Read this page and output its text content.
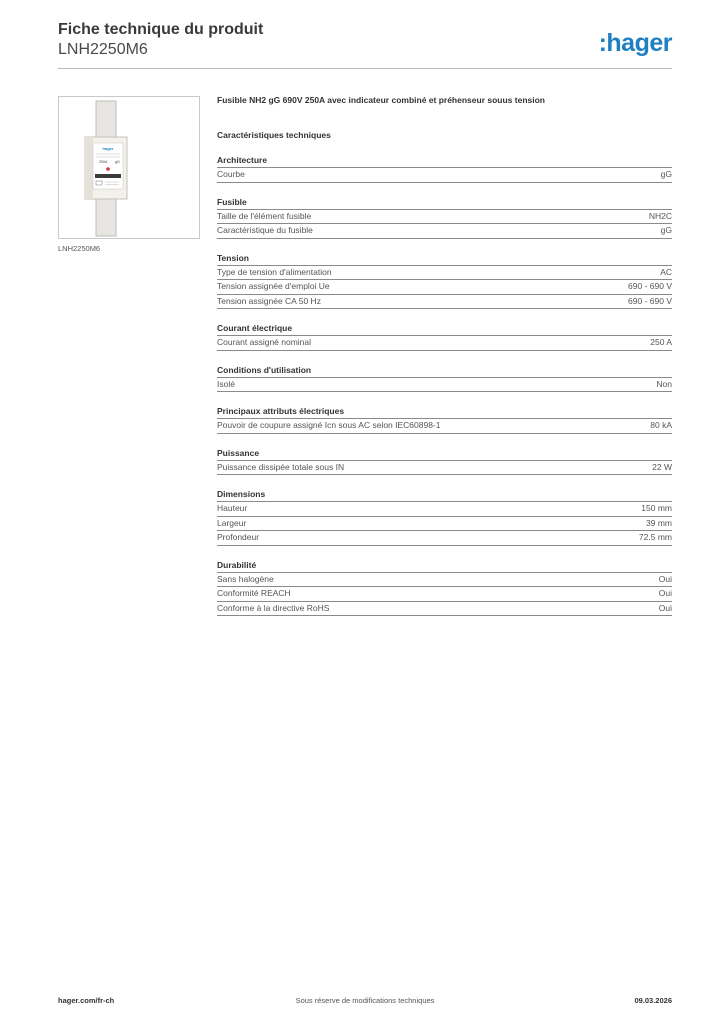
Fiche technique du produit

LNH2250M6	:hager
hager
250A gG
LNH2250M6
Fusible NH2 gG 690V 250A avec indicateur combiné et préhenseur souus tension
Caractéristiques techniques
Architecture
Courbe	gG
Fusible
Taille de l'élément fusible	NH2C
Caractéristique du fusible	gG
Tension
Type de tension d'alimentation	AC
Tension assignée d'emploi Ue	690 - 690 V
Tension assignée CA 50 Hz	690 - 690 V
Courant électrique
Courant assigné nominal	250 A
Conditions d'utilisation
Isolé	Non
Principaux attributs électriques
Pouvoir de coupure assigné Icn sous AC selon IEC60898-1	80 kA
Puissance
Puissance dissipée totale sous IN	22 W
Dimensions
Hauteur	150 mm
Largeur	39 mm
Profondeur	72.5 mm
Durabilité
Sans halogène	Oui
Conformité REACH	Oui
Conforme à la directive RoHS	Oui
hager.com/fr-ch	Sous réserve de modifications techniques	09.03.2026
